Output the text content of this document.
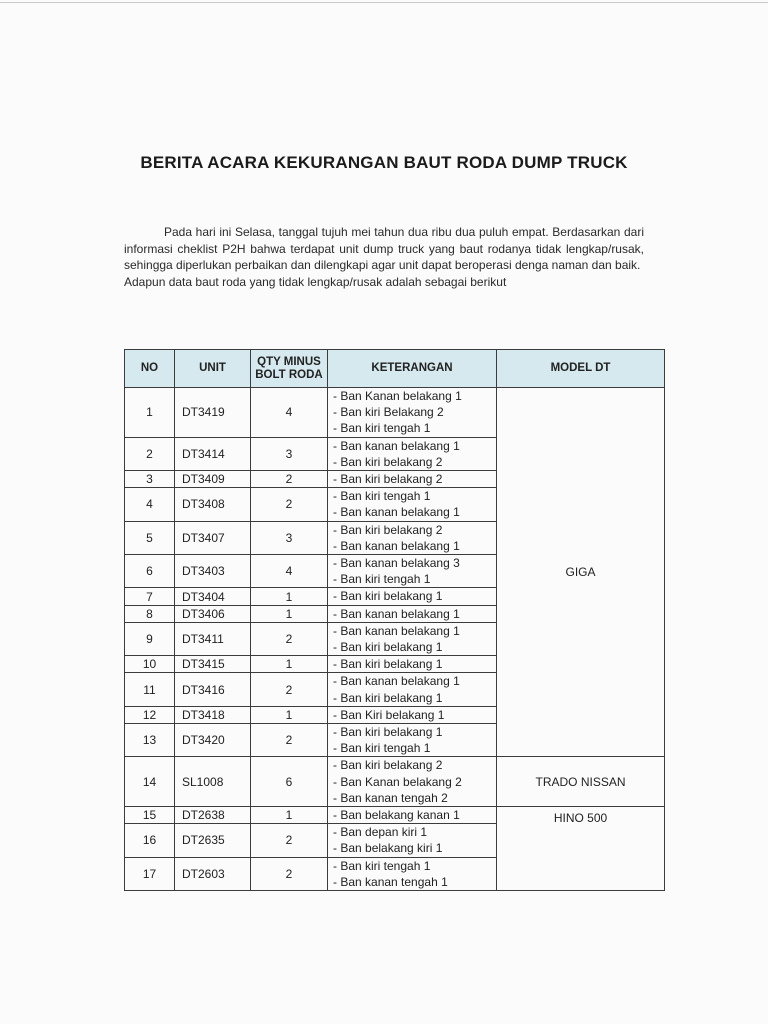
BERITA ACARA KEKURANGAN BAUT RODA DUMP TRUCK

Pada hari ini Selasa, tanggal tujuh mei tahun dua ribu dua puluh empat. Berdasarkan dari informasi cheklist P2H bahwa terdapat unit dump truck yang baut rodanya tidak lengkap/rusak, sehingga diperlukan perbaikan dan dilengkapi agar unit dapat beroperasi denga naman dan baik.

Adapun data baut roda yang tidak lengkap/rusak adalah sebagai berikut

NO	UNIT	QTY MINUS
BOLT RODA	KETERANGAN	MODEL DT
1	DT3419	4	- Ban Kanan belakang 1
- Ban kiri Belakang 2
- Ban kiri tengah 1	GIGA
2	DT3414	3	- Ban kanan belakang 1
- Ban kiri belakang 2	

3	DT3409	2	- Ban kiri belakang 2	

4	DT3408	2	- Ban kiri tengah 1
- Ban kanan belakang 1	

5	DT3407	3	- Ban kiri belakang 2
- Ban kanan belakang 1	

6	DT3403	4	- Ban kanan belakang 3
- Ban kiri tengah 1	

7	DT3404	1	- Ban kiri belakang 1	

8	DT3406	1	- Ban kanan belakang 1	

9	DT3411	2	- Ban kanan belakang 1
- Ban kiri belakang 1	

10	DT3415	1	- Ban kiri belakang 1	

11	DT3416	2	- Ban kanan belakang 1
- Ban kiri belakang 1	

12	DT3418	1	- Ban Kiri belakang 1	

13	DT3420	2	- Ban kiri belakang 1
- Ban kiri tengah 1	

14	SL1008	6	- Ban kiri belakang 2
- Ban Kanan belakang 2
- Ban kanan tengah 2	TRADO NISSAN
15	DT2638	1	- Ban belakang kanan 1	HINO 500
16	DT2635	2	- Ban depan kiri 1
- Ban belakang kiri 1	

17	DT2603	2	- Ban kiri tengah 1
- Ban kanan tengah 1	
